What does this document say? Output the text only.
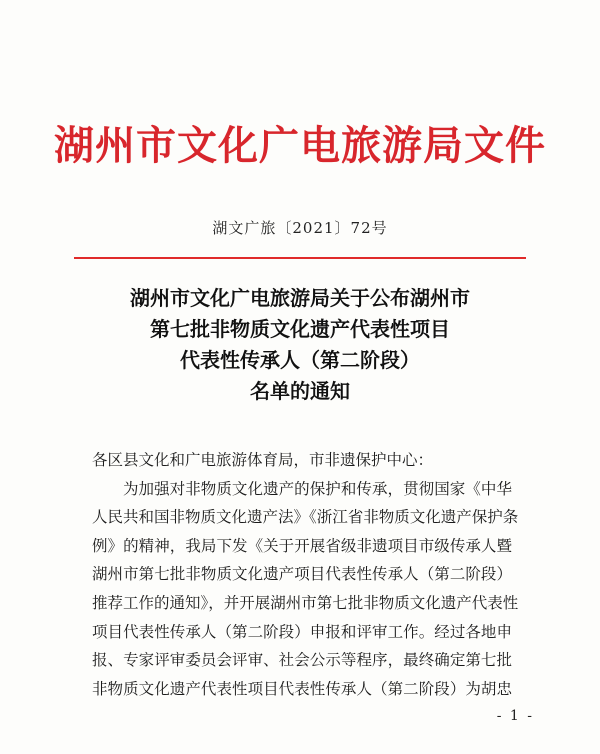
湖州市文化广电旅游局文件
湖文广旅〔2021〕72号
湖州市文化广电旅游局关于公布湖州市
第七批非物质文化遗产代表性项目
代表性传承人（第二阶段）
名单的通知
各区县文化和广电旅游体育局，市非遗保护中心：
为加强对非物质文化遗产的保护和传承，贯彻国家《中华
人民共和国非物质文化遗产法》《浙江省非物质文化遗产保护条
例》的精神，我局下发《关于开展省级非遗项目市级传承人暨
湖州市第七批非物质文化遗产项目代表性传承人（第二阶段）
推荐工作的通知》，并开展湖州市第七批非物质文化遗产代表性
项目代表性传承人（第二阶段）申报和评审工作。经过各地申
报、专家评审委员会评审、社会公示等程序，最终确定第七批
非物质文化遗产代表性项目代表性传承人（第二阶段）为胡忠
- 1 -
